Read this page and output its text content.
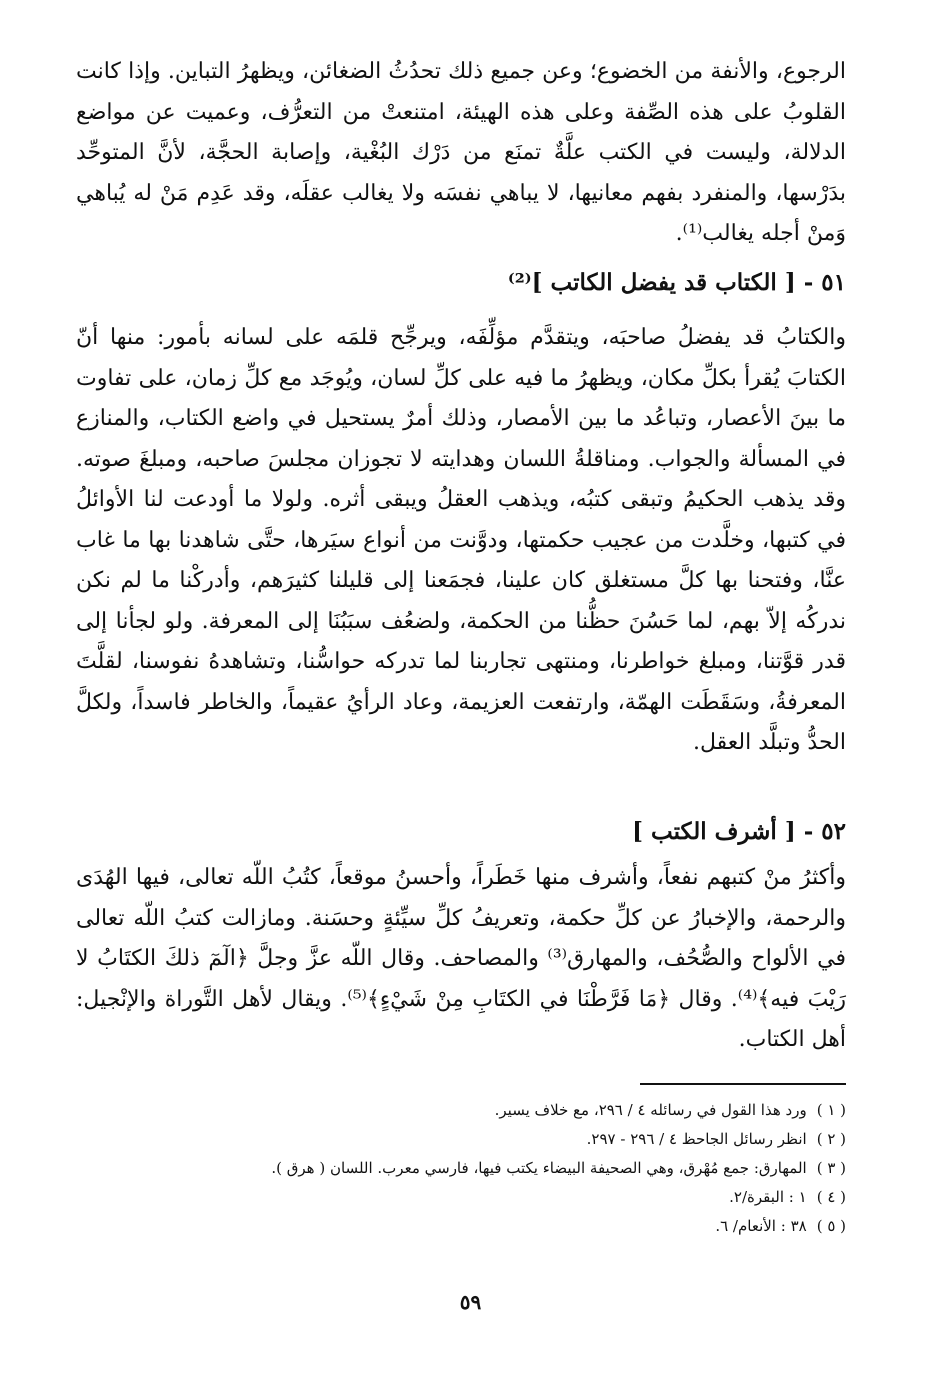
الرجوع، والأنفة من الخضوع؛ وعن جميع ذلك تحدُثُ الضغائن، ويظهرُ التباين. وإذا كانت القلوبُ على هذه الصِّفة وعلى هذه الهيئة، امتنعتْ من التعرُّف، وعميت عن مواضع الدلالة، وليست في الكتب علَّةٌ تمنَع من دَرْك البُغْية، وإصابة الحجَّة، لأنَّ المتوحِّد بدَرْسها، والمنفرد بفهم معانيها، لا يباهي نفسَه ولا يغالب عقلَه، وقد عَدِم مَنْ له يُباهي وَمنْ أجله يغالب⁽¹⁾.

٥١ - [ الكتاب قد يفضل الكاتب ]⁽²⁾

والكتابُ قد يفضلُ صاحبَه، ويتقدَّم مؤلِّفَه، ويرجِّح قلمَه على لسانه بأمور: منها أنّ الكتابَ يُقرأ بكلِّ مكان، ويظهرُ ما فيه على كلِّ لسان، ويُوجَد مع كلِّ زمان، على تفاوت ما بينَ الأعصار، وتباعُد ما بين الأمصار، وذلك أمرٌ يستحيل في واضع الكتاب، والمنازع في المسألة والجواب. ومناقلةُ اللسان وهدايته لا تجوزان مجلسَ صاحبه، ومبلغَ صوته. وقد يذهب الحكيمُ وتبقى كتبُه، ويذهب العقلُ ويبقى أثره. ولولا ما أودعت لنا الأوائلُ في كتبها، وخلَّدت من عجيب حكمتها، ودوَّنت من أنواع سيَرها، حتَّى شاهدنا بها ما غاب عنَّا، وفتحنا بها كلَّ مستغلق كان علينا، فجمَعنا إلى قليلنا كثيرَهم، وأدركْنا ما لم نكن ندركُه إلاّ بهم، لما حَسُنَ حظُّنا من الحكمة، ولضعُف سبَبُنَا إلى المعرفة. ولو لجأنا إلى قدر قوَّتنا، ومبلغ خواطرنا، ومنتهى تجاربنا لما تدركه حواسُّنا، وتشاهدهُ نفوسنا، لقلَّتَ المعرفةُ، وسَقَطَت الهمّة، وارتفعت العزيمة، وعاد الرأيُ عقيماً، والخاطر فاسداً، ولكلَّ الحدُّ وتبلَّد العقل.

٥٢ - [ أشرف الكتب ]

وأكثرُ منْ كتبهم نفعاً، وأشرف منها خَطَراً، وأحسنُ موقعاً، كتُبُ اللّه تعالى، فيها الهُدَى والرحمة، والإخبارُ عن كلِّ حكمة، وتعريفُ كلِّ سيِّئةٍ وحسَنة. ومازالت كتبُ اللّه تعالى في الألواح والصُّحُف، والمهارق⁽³⁾ والمصاحف. وقال اللّه عزَّ وجلَّ ﴿الٓمٓ ذلكَ الكتَابُ لا رَيْبَ فيه﴾⁽⁴⁾. وقال ﴿مَا فَرَّطْنَا في الكتَابِ مِنْ شَيْءٍ﴾⁽⁵⁾. ويقال لأهل التَّوراة والإنْجيل: أهل الكتاب.

( ١ )ورد هذا القول في رسائله ٤ / ٢٩٦، مع خلاف يسير.

( ٢ )انظر رسائل الجاحظ ٤ / ٢٩٦ - ٢٩٧.

( ٣ )المهارق: جمع مُهْرق، وهي الصحيفة البيضاء يكتب فيها، فارسي معرب. اللسان ( هرق ).

( ٤ )١ : البقرة/٢.

( ٥ )٣٨ : الأنعام/ ٦.

٥٩
